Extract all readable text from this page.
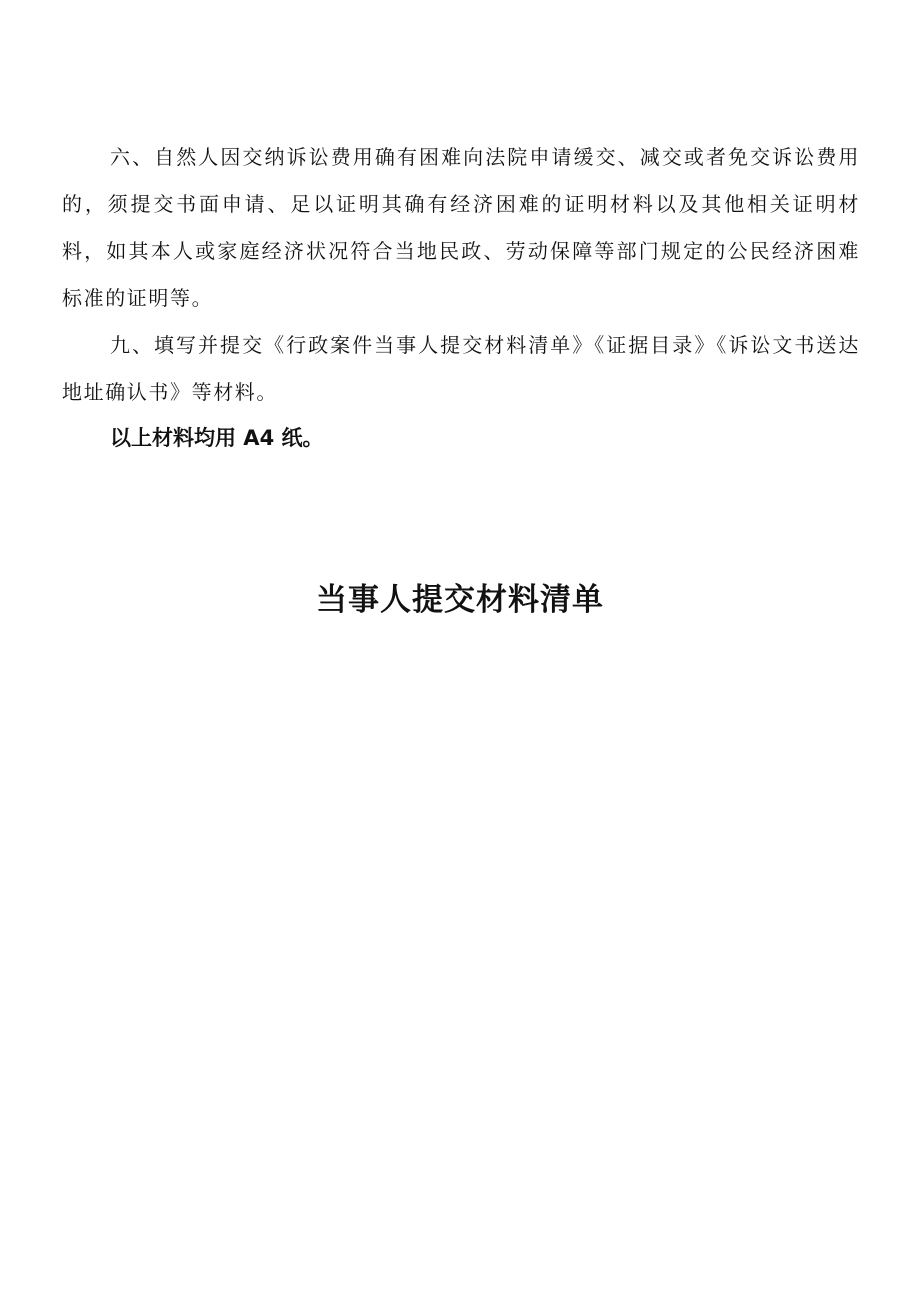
六、自然人因交纳诉讼费用确有困难向法院申请缓交、减交或者免交诉讼费用的，须提交书面申请、足以证明其确有经济困难的证明材料以及其他相关证明材料，如其本人或家庭经济状况符合当地民政、劳动保障等部门规定的公民经济困难标准的证明等。

九、填写并提交《行政案件当事人提交材料清单》《证据目录》《诉讼文书送达地址确认书》等材料。

以上材料均用 A4 纸。

当事人提交材料清单
